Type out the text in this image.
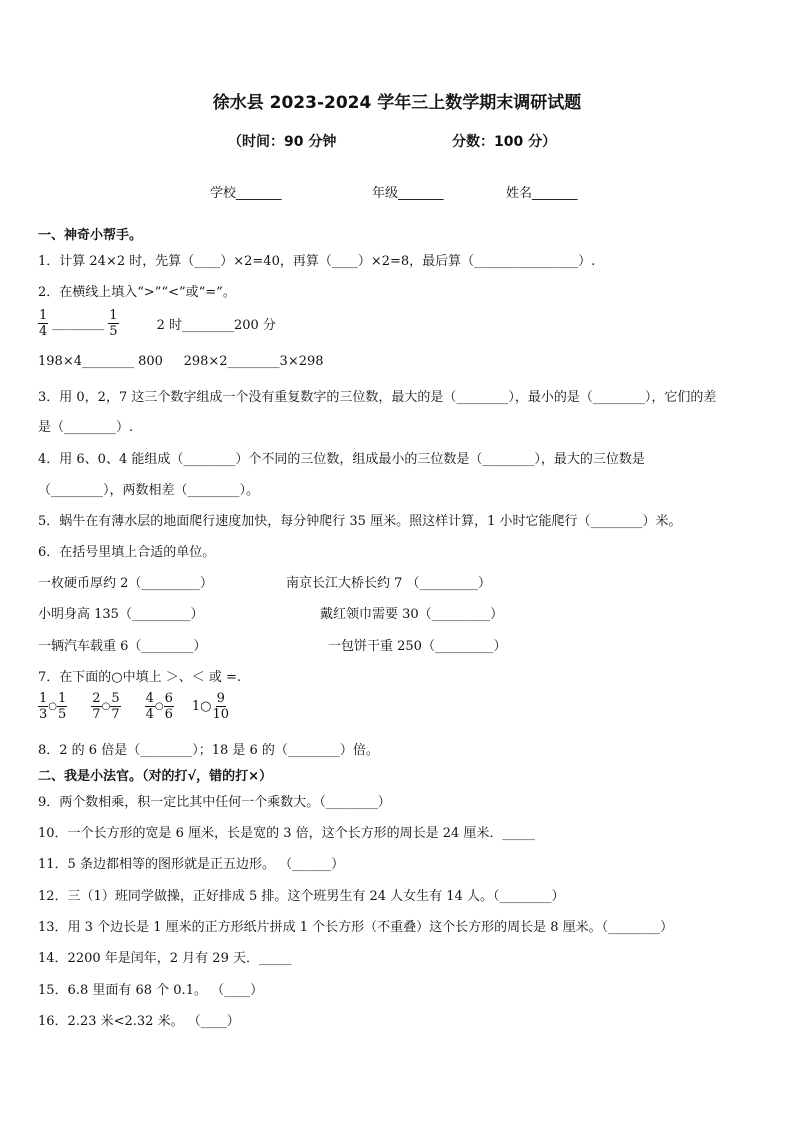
徐水县 2023-2024 学年三上数学期末调研试题
（时间：90 分钟	分数：100 分）
学校_______	年级_______	姓名_______
一、神奇小帮手。
1．计算 24×2 时，先算（____）×2=40，再算（____）×2=8，最后算（________________）.
2．在横线上填入“>”“<”或“=”。
$\frac{1}{4}$ ________ $\frac{1}{5}$	2 时________200 分
198×4________ 800     298×2________3×298
3．用 0，2，7 这三个数字组成一个没有重复数字的三位数，最大的是（________），最小的是（________），它们的差
是（________）.
4．用 6、0、4 能组成（________）个不同的三位数，组成最小的三位数是（________），最大的三位数是
（________），两数相差（________）。
5．蜗牛在有薄水层的地面爬行速度加快，每分钟爬行 35 厘米。照这样计算，1 小时它能爬行（________）米。
6．在括号里填上合适的单位。
一枚硬币厚约 2（_________）	南京长江大桥长约 7 （_________）
小明身高 135（_________）	戴红领巾需要 30（_________）
一辆汽车载重 6（________）	一包饼干重 250（_________）
7．在下面的○中填上 ＞、＜ 或 =.
$\frac{1}{3}$ ○ $\frac{1}{5} \frac{2}{7}$ ○ $\frac{5}{7} \frac{4}{4}$ ○ $\frac{6}{6}$ 1○ $\frac{9}{10}$
8．2 的 6 倍是（________）；18 是 6 的（________）倍。
二、我是小法官。（对的打√，错的打×）
9．两个数相乘，积一定比其中任何一个乘数大。（________）
10．一个长方形的宽是 6 厘米，长是宽的 3 倍，这个长方形的周长是 24 厘米．_____
11．5 条边都相等的图形就是正五边形。 （______）
12．三（1）班同学做操，正好排成 5 排。这个班男生有 24 人女生有 14 人。（________）
13．用 3 个边长是 1 厘米的正方形纸片拼成 1 个长方形（不重叠）这个长方形的周长是 8 厘米。（________）
14．2200 年是闰年，2 月有 29 天．_____
15．6.8 里面有 68 个 0.1。 （____）
16．2.23 米<2.32 米。 （____）
